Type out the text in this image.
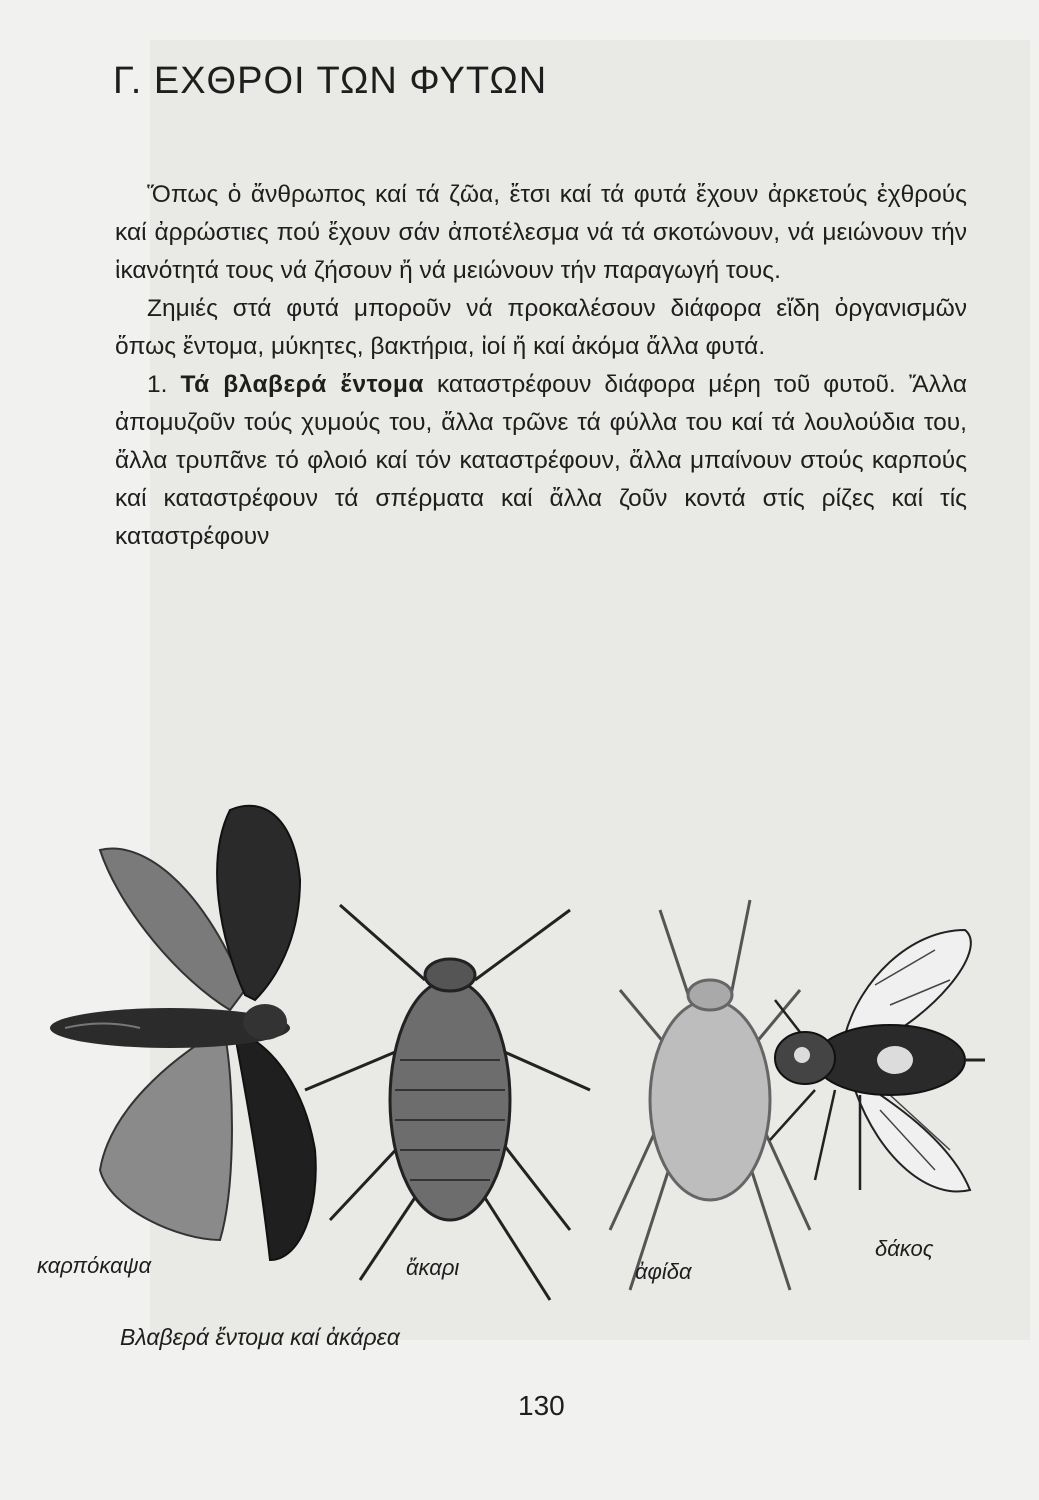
Γ. ΕΧΘΡΟΙ ΤΩΝ ΦΥΤΩΝ

Ὅπως ὁ ἄνθρωπος καί τά ζῶα, ἔτσι καί τά φυτά ἔχουν ἀρκετούς ἐχθρούς καί ἀρρώστιες πού ἔχουν σάν ἀποτέλεσμα νά τά σκοτώνουν, νά μειώνουν τήν ἱκανότητά τους νά ζήσουν ἤ νά μειώνουν τήν παραγωγή τους.

Ζημιές στά φυτά μποροῦν νά προκαλέσουν διάφορα εἴδη ὀργανισμῶν ὅπως ἔντομα, μύκητες, βακτήρια, ἰοί ἤ καί ἀκόμα ἄλλα φυτά.

1. Τά βλαβερά ἔντομα καταστρέφουν διάφορα μέρη τοῦ φυτοῦ. Ἄλλα ἀπομυζοῦν τούς χυμούς του, ἄλλα τρῶνε τά φύλλα του καί τά λουλούδια του, ἄλλα τρυπᾶνε τό φλοιό καί τόν καταστρέφουν, ἄλλα μπαίνουν στούς καρπούς καί καταστρέφουν τά σπέρματα καί ἄλλα ζοῦν κοντά στίς ρίζες καί τίς καταστρέφουν

καρπόκαψα	ἄκαρι	ἀφίδα
δάκος
Βλαβερά ἔντομα καί ἀκάρεα
130
